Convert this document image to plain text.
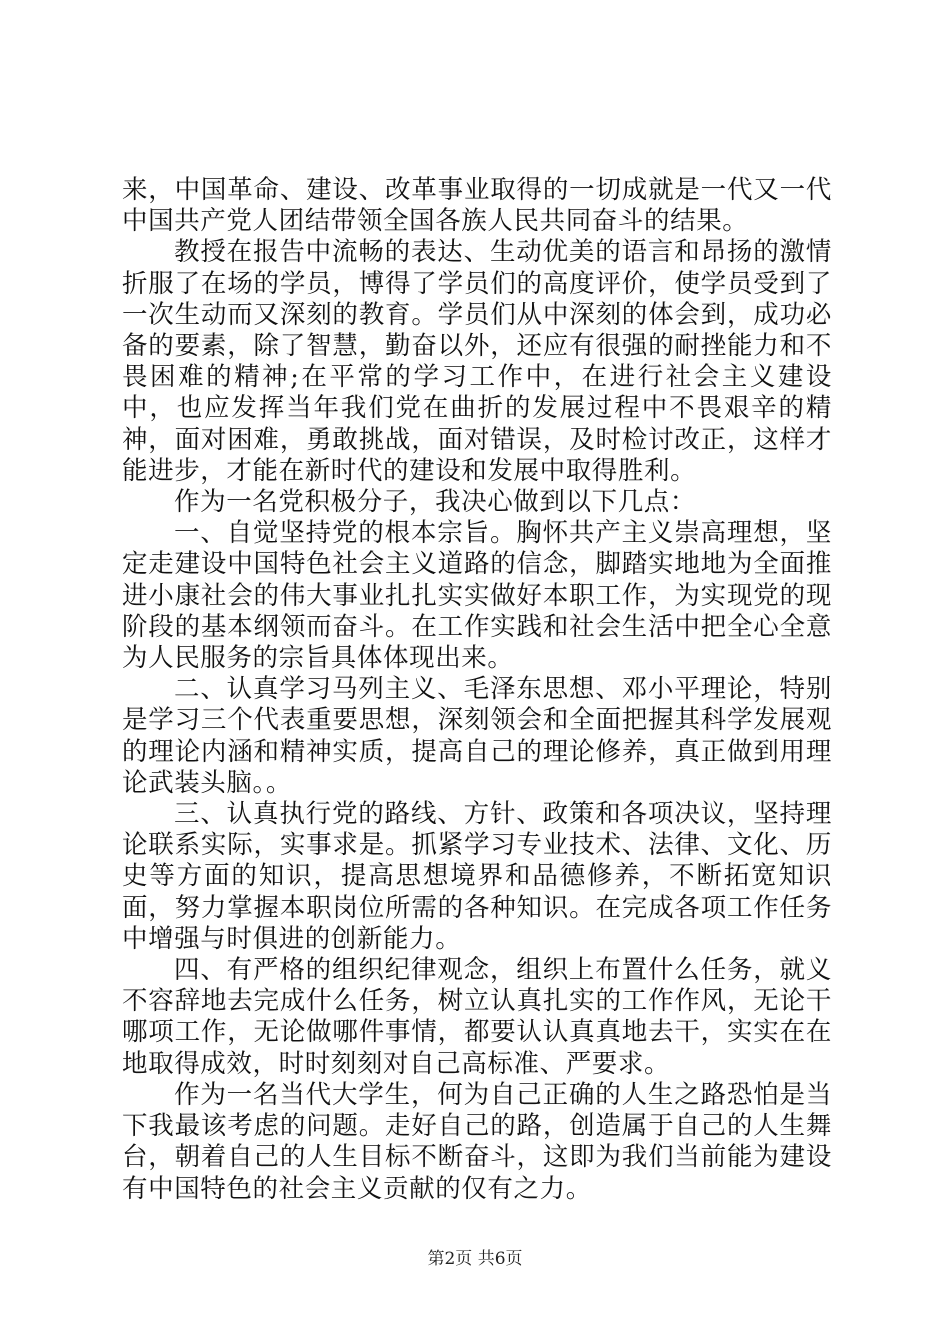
来，中国革命、建设、改革事业取得的一切成就是一代又一代中国共产党人团结带领全国各族人民共同奋斗的结果。

教授在报告中流畅的表达、生动优美的语言和昂扬的激情折服了在场的学员，博得了学员们的高度评价，使学员受到了一次生动而又深刻的教育。学员们从中深刻的体会到，成功必备的要素，除了智慧，勤奋以外，还应有很强的耐挫能力和不畏困难的精神;在平常的学习工作中，在进行社会主义建设中，也应发挥当年我们党在曲折的发展过程中不畏艰辛的精神，面对困难，勇敢挑战，面对错误，及时检讨改正，这样才能进步，才能在新时代的建设和发展中取得胜利。

作为一名党积极分子，我决心做到以下几点：

一、自觉坚持党的根本宗旨。胸怀共产主义崇高理想，坚定走建设中国特色社会主义道路的信念，脚踏实地地为全面推进小康社会的伟大事业扎扎实实做好本职工作，为实现党的现阶段的基本纲领而奋斗。在工作实践和社会生活中把全心全意为人民服务的宗旨具体体现出来。

二、认真学习马列主义、毛泽东思想、邓小平理论，特别是学习三个代表重要思想，深刻领会和全面把握其科学发展观的理论内涵和精神实质，提高自己的理论修养，真正做到用理论武装头脑。。

三、认真执行党的路线、方针、政策和各项决议，坚持理论联系实际，实事求是。抓紧学习专业技术、法律、文化、历史等方面的知识，提高思想境界和品德修养，不断拓宽知识面，努力掌握本职岗位所需的各种知识。在完成各项工作任务中增强与时俱进的创新能力。

四、有严格的组织纪律观念，组织上布置什么任务，就义不容辞地去完成什么任务，树立认真扎实的工作作风，无论干哪项工作，无论做哪件事情，都要认认真真地去干，实实在在地取得成效，时时刻刻对自己高标准、严要求。

作为一名当代大学生，何为自己正确的人生之路恐怕是当下我最该考虑的问题。走好自己的路，创造属于自己的人生舞台，朝着自己的人生目标不断奋斗，这即为我们当前能为建设有中国特色的社会主义贡献的仅有之力。

第2页 共6页
